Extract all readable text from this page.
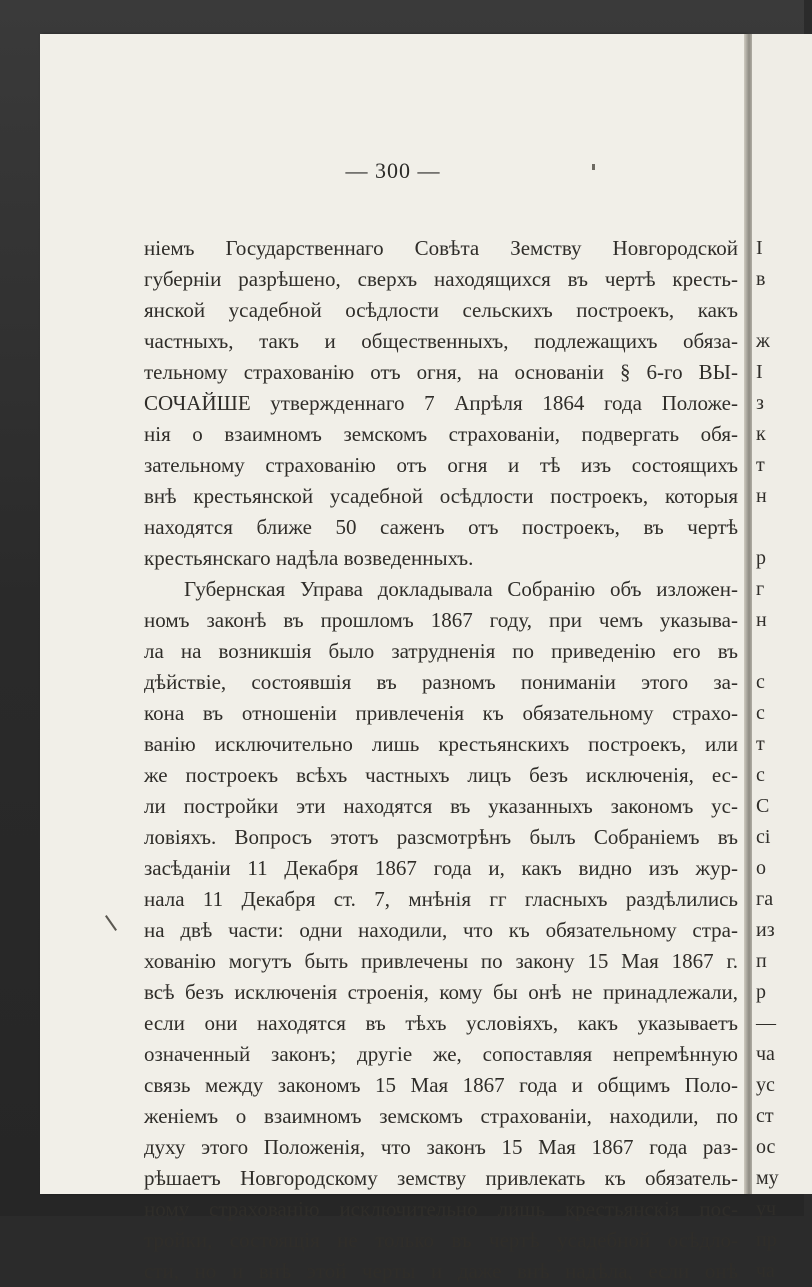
— 300 —
ніемъ Государственнаго Совѣта Земству Новгородской
губерніи разрѣшено, сверхъ находящихся въ чертѣ кресть-
янской усадебной осѣдлости сельскихъ построекъ, какъ
частныхъ, такъ и общественныхъ, подлежащихъ обяза-
тельному страхованію отъ огня, на основаніи § 6-го ВЫ-
СОЧАЙШЕ утвержденнаго 7 Апрѣля 1864 года Положе-
нія о взаимномъ земскомъ страхованіи, подвергать обя-
зательному страхованію отъ огня и тѣ изъ состоящихъ
внѣ крестьянской усадебной осѣдлости построекъ, которыя
находятся ближе 50 саженъ отъ построекъ, въ чертѣ
крестьянскаго надѣла возведенныхъ.
Губернская Управа докладывала Собранію объ изложен-
номъ законѣ въ прошломъ 1867 году, при чемъ указыва-
ла на возникшія было затрудненія по приведенію его въ
дѣйствіе, состоявшія въ разномъ пониманіи этого за-
кона въ отношеніи привлеченія къ обязательному страхо-
ванію исключительно лишь крестьянскихъ построекъ, или
же построекъ всѣхъ частныхъ лицъ безъ исключенія, ес-
ли постройки эти находятся въ указанныхъ закономъ ус-
ловіяхъ. Вопросъ этотъ разсмотрѣнъ былъ Собраніемъ въ
засѣданіи 11 Декабря 1867 года и, какъ видно изъ жур-
нала 11 Декабря ст. 7, мнѣнія гг гласныхъ раздѣлились
на двѣ части: одни находили, что къ обязательному стра-
хованію могутъ быть привлечены по закону 15 Мая 1867 г.
всѣ безъ исключенія строенія, кому бы онѣ не принадлежали,
если они находятся въ тѣхъ условіяхъ, какъ указываетъ
означенный законъ; другіе же, сопоставляя непремѣнную
связь между закономъ 15 Мая 1867 года и общимъ Поло-
женіемъ о взаимномъ земскомъ страхованіи, находили, по
духу этого Положенія, что законъ 15 Мая 1867 года раз-
рѣшаетъ Новгородскому земству привлекать къ обязатель-
ному страхованію исключительно лишь крестьянскія пос-
тройки, состоящія не только въ чертѣ усадебной осѣдло-
сти, но и внѣ этой черты и даже внѣ надѣла, если онѣ
I
в
ж
I
з
к
т
н
р
г
н
с
с
т
с
С
сі
о
га
из
п
р
—
ча
ус
ст
ос
му
уч
пр
ча
